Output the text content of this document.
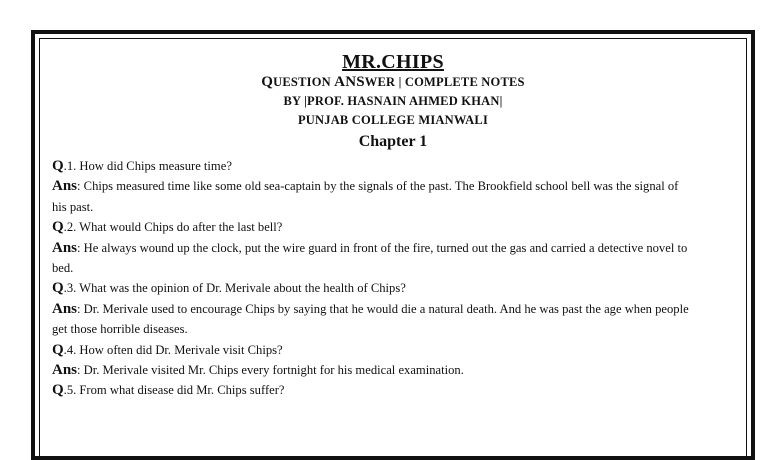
MR.CHIPS
QUESTION ANSWER | COMPLETE NOTES
BY |PROF. HASNAIN AHMED KHAN|
PUNJAB COLLEGE MIANWALI
Chapter 1

Q.1. How did Chips measure time?

Ans: Chips measured time like some old sea-captain by the signals of the past. The Brookfield school bell was the signal of his past.

Q.2. What would Chips do after the last bell?

Ans: He always wound up the clock, put the wire guard in front of the fire, turned out the gas and carried a detective novel to bed.

Q.3. What was the opinion of Dr. Merivale about the health of Chips?

Ans: Dr. Merivale used to encourage Chips by saying that he would die a natural death. And he was past the age when people get those horrible diseases.

Q.4. How often did Dr. Merivale visit Chips?

Ans: Dr. Merivale visited Mr. Chips every fortnight for his medical examination.

Q.5. From what disease did Mr. Chips suffer?
